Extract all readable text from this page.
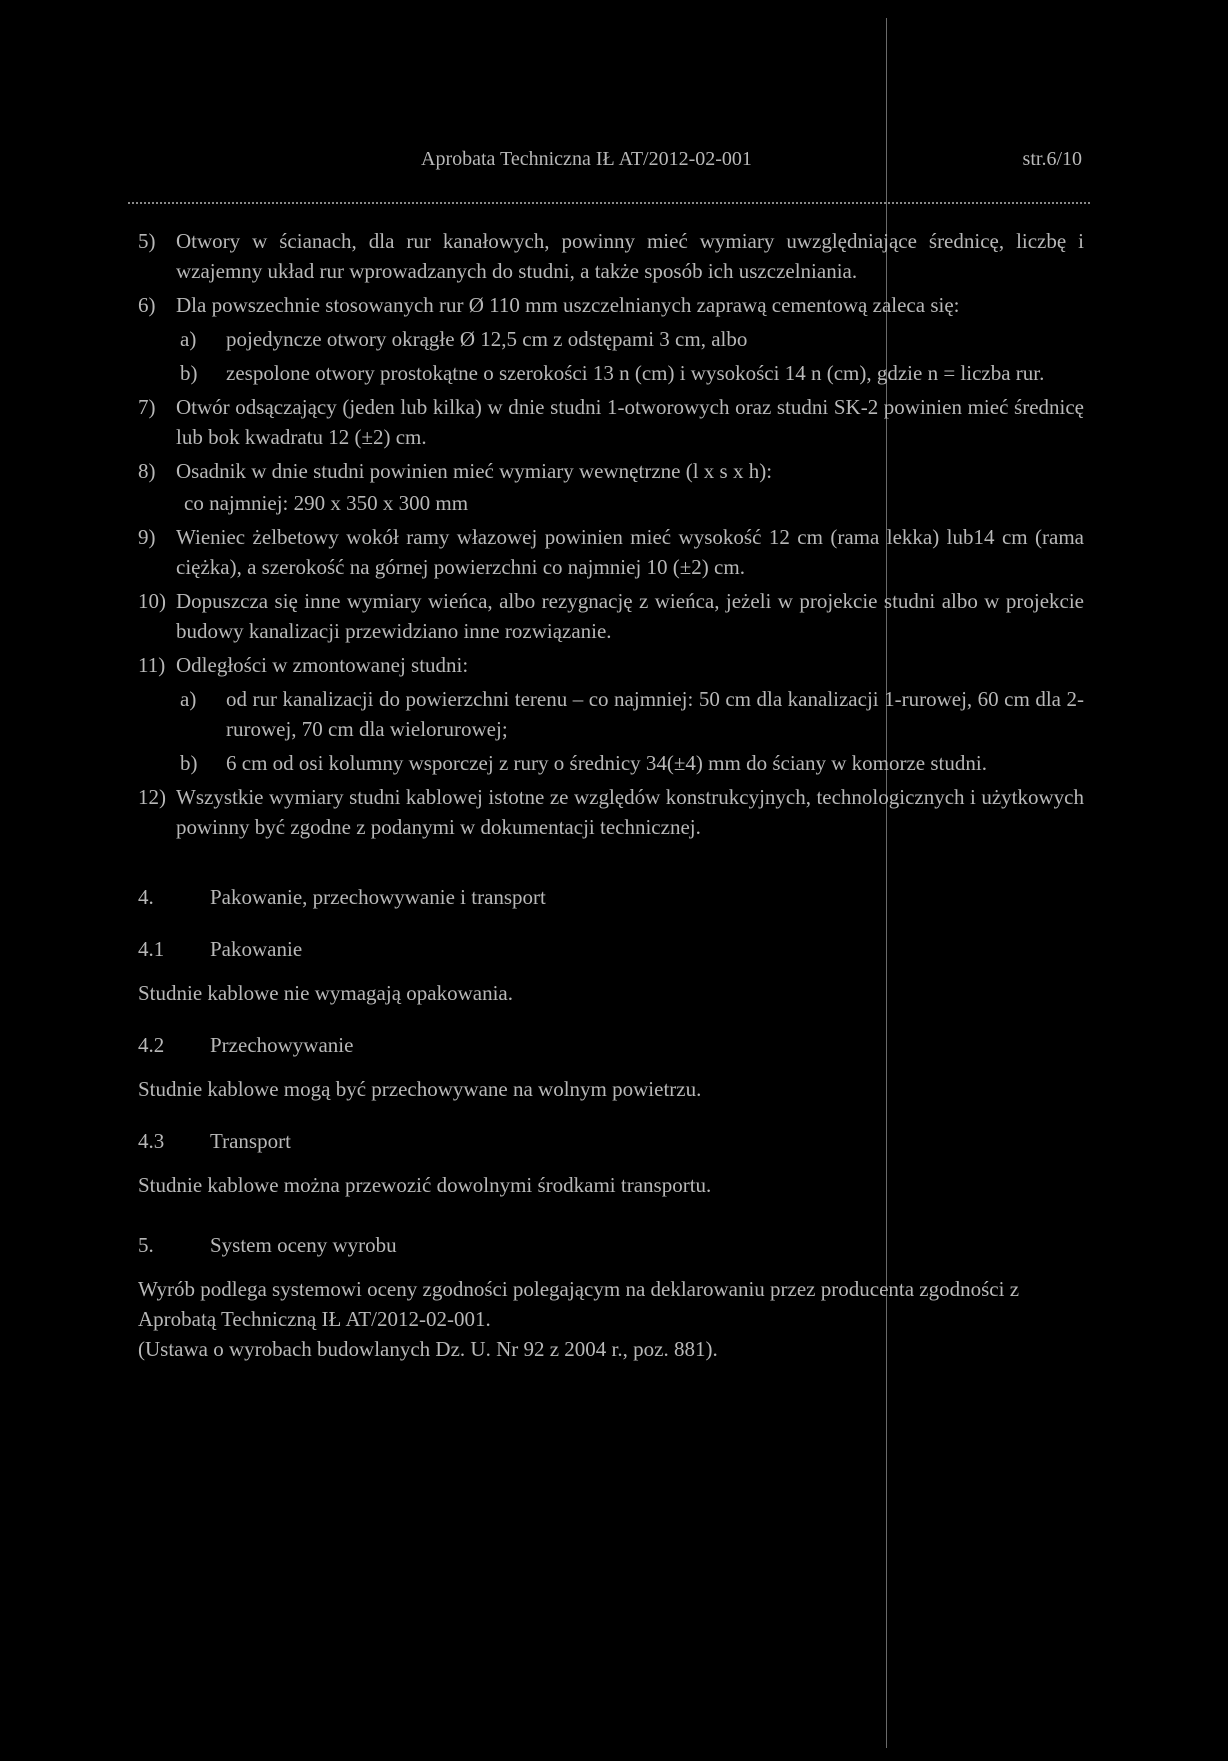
Aprobata Techniczna IŁ AT/2012-02-001	str.6/10
5) Otwory w ścianach, dla rur kanałowych, powinny mieć wymiary uwzględniające średnicę, liczbę i wzajemny układ rur wprowadzanych do studni, a także sposób ich uszczelniania.
6) Dla powszechnie stosowanych rur Ø 110 mm uszczelnianych zaprawą cementową zaleca się:
a)	pojedyncze otwory okrągłe Ø 12,5 cm z odstępami 3 cm, albo
b)	zespolone otwory prostokątne o szerokości 13 n (cm) i wysokości 14 n (cm), gdzie n = liczba rur.
7) Otwór odsączający (jeden lub kilka) w dnie studni 1-otworowych oraz studni SK-2 powinien mieć średnicę lub bok kwadratu 12 (±2) cm.
8) Osadnik w dnie studni powinien mieć wymiary wewnętrzne (l x s x h):
co najmniej: 290 x 350 x 300 mm
9) Wieniec żelbetowy wokół ramy właz​owej powinien mieć wysokość 12 cm (rama lekka) lub14 cm (rama ciężka), a szerokość na górnej powierzchni co najmniej 10 (±2) cm.
10) Dopuszcza się inne wymiary wieńca, albo rezygnację z wieńca, jeżeli w projekcie studni albo w projekcie budowy kanalizacji przewidziano inne rozwiązanie.
11) Odległości w zmontowanej studni:
a)	od rur kanalizacji do powierzchni terenu – co najmniej: 50 cm dla kanalizacji 1-rurowej, 60 cm dla 2-rurowej, 70 cm dla wielorurowej;
b)	6 cm od osi kolumny wsporczej z rury o średnicy 34(±4) mm do ściany w komorze studni.
12) Wszystkie wymiary studni kablowej istotne ze względów konstrukcyjnych, technologicznych i użytkowych powinny być zgodne z podanymi w dokumentacji technicznej.
4.	Pakowanie, przechowywanie i transport
4.1	Pakowanie
Studnie kablowe nie wymagają opakowania.
4.2	Przechowywanie
Studnie kablowe mogą być przechowywane na wolnym powietrzu.
4.3	Transport
Studnie kablowe można przewozić dowolnymi środkami transportu.
5.	System oceny wyrobu
Wyrób podlega systemowi oceny zgodności polegającym na deklarowaniu przez producenta zgodności z Aprobatą Techniczną IŁ AT/2012-02-001.
(Ustawa o wyrobach budowlanych Dz. U. Nr 92 z 2004 r., poz. 881).
